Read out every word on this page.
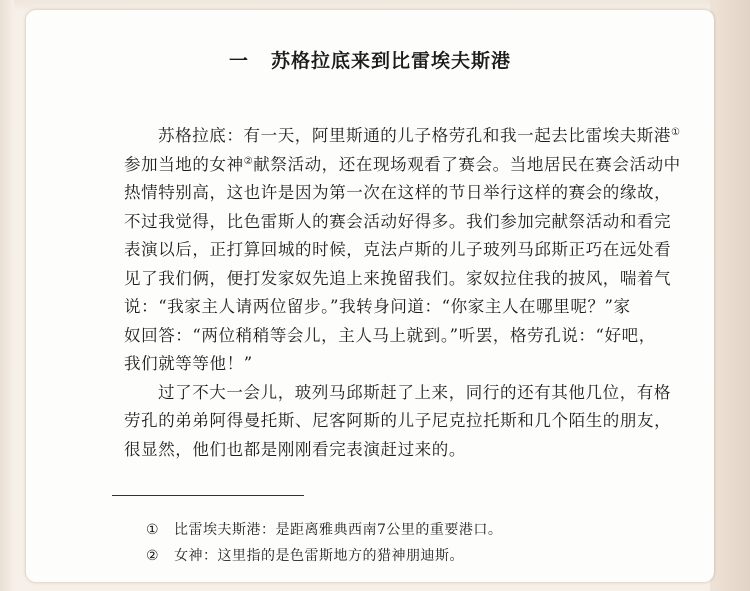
一 苏格拉底来到比雷埃夫斯港
苏格拉底：有一天，阿里斯通的儿子格劳孔和我一起去比雷埃夫斯港①
参加当地的女神②献祭活动，还在现场观看了赛会。当地居民在赛会活动中
热情特别高，这也许是因为第一次在这样的节日举行这样的赛会的缘故，
不过我觉得，比色雷斯人的赛会活动好得多。我们参加完献祭活动和看完
表演以后，正打算回城的时候，克法卢斯的儿子玻列马邱斯正巧在远处看
见了我们俩，便打发家奴先追上来挽留我们。家奴拉住我的披风，喘着气
说：“我家主人请两位留步。”我转身问道：“你家主人在哪里呢？”家
奴回答：“两位稍稍等会儿，主人马上就到。”听罢，格劳孔说：“好吧，
我们就等等他！”
过了不大一会儿，玻列马邱斯赶了上来，同行的还有其他几位，有格
劳孔的弟弟阿得曼托斯、尼客阿斯的儿子尼克拉托斯和几个陌生的朋友，
很显然，他们也都是刚刚看完表演赶过来的。
① 比雷埃夫斯港：是距离雅典西南7公里的重要港口。
② 女神：这里指的是色雷斯地方的猎神朋迪斯。
